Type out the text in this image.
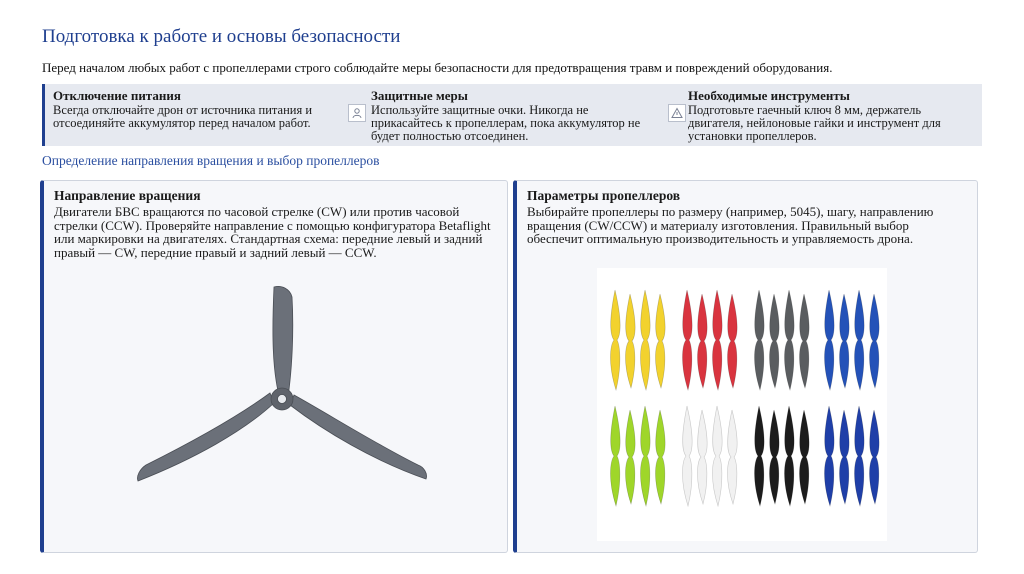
Подготовка к работе и основы безопасности
Перед началом любых работ с пропеллерами строго соблюдайте меры безопасности для предотвращения травм и повреждений оборудования.
Отключение питания
Всегда отключайте дрон от источника питания и отсоединяйте аккумулятор перед началом работ.
Защитные меры
Используйте защитные очки. Никогда не прикасайтесь к пропеллерам, пока аккумулятор не будет полностью отсоединен.
Необходимые инструменты
Подготовьте гаечный ключ 8 мм, держатель двигателя, нейлоновые гайки и инструмент для установки пропеллеров.
Определение направления вращения и выбор пропеллеров
Направление вращения
Двигатели БВС вращаются по часовой стрелке (CW) или против часовой стрелки (CCW). Проверяйте направление с помощью конфигуратора Betaflight или маркировки на двигателях. Стандартная схема: передние левый и задний правый — CW, передние правый и задний левый — CCW.
Параметры пропеллеров
Выбирайте пропеллеры по размеру (например, 5045), шагу, направлению вращения (CW/CCW) и материалу изготовления. Правильный выбор обеспечит оптимальную производительность и управляемость дрона.
